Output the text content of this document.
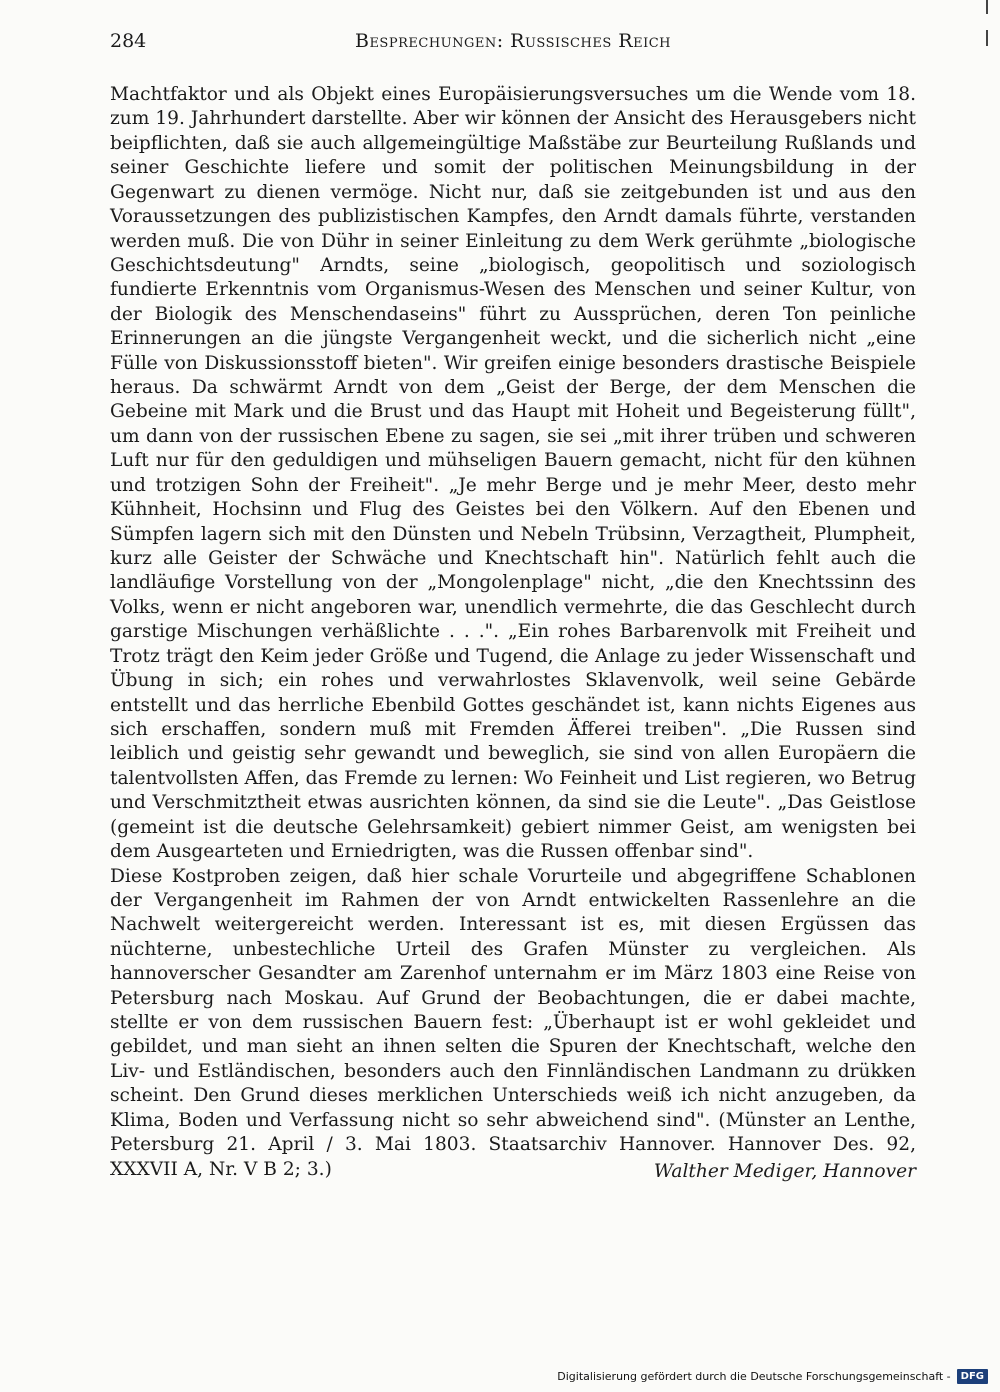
284	Besprechungen: Russisches Reich

Machtfaktor und als Objekt eines Europäisierungsversuches um die Wende vom 18. zum 19. Jahrhundert darstellte. Aber wir können der Ansicht des Herausgebers nicht beipflichten, daß sie auch allgemeingültige Maßstäbe zur Beurteilung Rußlands und seiner Geschichte liefere und somit der politischen Meinungsbildung in der Gegenwart zu dienen vermöge. Nicht nur, daß sie zeitgebunden ist und aus den Voraussetzungen des publizistischen Kampfes, den Arndt damals führte, verstanden werden muß. Die von Dühr in seiner Einleitung zu dem Werk gerühmte „biologische Geschichtsdeutung" Arndts, seine „biologisch, geopolitisch und soziologisch fundierte Erkenntnis vom Organismus-Wesen des Menschen und seiner Kultur, von der Biologik des Menschendaseins" führt zu Aussprüchen, deren Ton peinliche Erinnerungen an die jüngste Vergangenheit weckt, und die sicherlich nicht „eine Fülle von Diskussionsstoff bieten". Wir greifen einige besonders drastische Beispiele heraus. Da schwärmt Arndt von dem „Geist der Berge, der dem Menschen die Gebeine mit Mark und die Brust und das Haupt mit Hoheit und Begeisterung füllt", um dann von der russischen Ebene zu sagen, sie sei „mit ihrer trüben und schweren Luft nur für den geduldigen und mühseligen Bauern gemacht, nicht für den kühnen und trotzigen Sohn der Freiheit". „Je mehr Berge und je mehr Meer, desto mehr Kühnheit, Hochsinn und Flug des Geistes bei den Völkern. Auf den Ebenen und Sümpfen lagern sich mit den Dünsten und Nebeln Trübsinn, Verzagtheit, Plumpheit, kurz alle Geister der Schwäche und Knechtschaft hin". Natürlich fehlt auch die landläufige Vorstellung von der „Mongolenplage" nicht, „die den Knechtssinn des Volks, wenn er nicht angeboren war, unendlich vermehrte, die das Geschlecht durch garstige Mischungen verhäßlichte . . .". „Ein rohes Barbarenvolk mit Freiheit und Trotz trägt den Keim jeder Größe und Tugend, die Anlage zu jeder Wissenschaft und Übung in sich; ein rohes und verwahrlostes Sklavenvolk, weil seine Gebärde entstellt und das herrliche Ebenbild Gottes geschändet ist, kann nichts Eigenes aus sich erschaffen, sondern muß mit Fremden Äfferei treiben". „Die Russen sind leiblich und geistig sehr gewandt und beweglich, sie sind von allen Europäern die talentvollsten Affen, das Fremde zu lernen: Wo Feinheit und List regieren, wo Betrug und Verschmitztheit etwas ausrichten können, da sind sie die Leute". „Das Geistlose (gemeint ist die deutsche Gelehrsamkeit) gebiert nimmer Geist, am wenigsten bei dem Ausgearteten und Erniedrigten, was die Russen offenbar sind".

Diese Kostproben zeigen, daß hier schale Vorurteile und abgegriffene Schablonen der Vergangenheit im Rahmen der von Arndt entwickelten Rassenlehre an die Nachwelt weitergereicht werden. Interessant ist es, mit diesen Ergüssen das nüchterne, unbestechliche Urteil des Grafen Münster zu vergleichen. Als hannoverscher Gesandter am Zarenhof unternahm er im März 1803 eine Reise von Petersburg nach Moskau. Auf Grund der Beobachtungen, die er dabei machte, stellte er von dem russischen Bauern fest: „Überhaupt ist er wohl gekleidet und gebildet, und man sieht an ihnen selten die Spuren der Knechtschaft, welche den Liv- und Estländischen, besonders auch den Finnländischen Landmann zu drükken scheint. Den Grund dieses merklichen Unterschieds weiß ich nicht anzugeben, da Klima, Boden und Verfassung nicht so sehr abweichend sind". (Münster an Lenthe, Petersburg 21. April / 3. Mai 1803. Staatsarchiv Hannover. Hannover Des. 92, XXXVII A, Nr. V B 2; 3.)	Walther Mediger, Hannover

Digitalisierung gefördert durch die Deutsche Forschungsgemeinschaft -	DFG
